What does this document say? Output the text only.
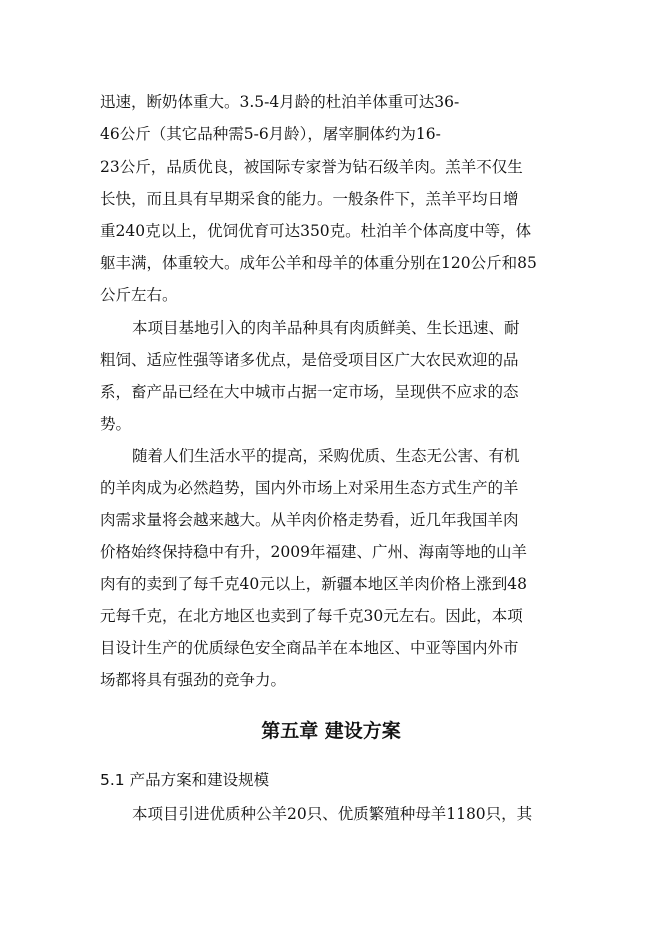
迅速，断奶体重大。3.5-4月龄的杜泊羊体重可达36-
46公斤（其它品种需5-6月龄），屠宰胴体约为16-
23公斤，品质优良，被国际专家誉为钻石级羊肉。羔羊不仅生
长快，而且具有早期采食的能力。一般条件下，羔羊平均日增
重240克以上，优饲优育可达350克。杜泊羊个体高度中等，体
躯丰满，体重较大。成年公羊和母羊的体重分别在120公斤和85
公斤左右。
本项目基地引入的肉羊品种具有肉质鲜美、生长迅速、耐
粗饲、适应性强等诸多优点，是倍受项目区广大农民欢迎的品
系，畜产品已经在大中城市占据一定市场，呈现供不应求的态
势。
随着人们生活水平的提高，采购优质、生态无公害、有机
的羊肉成为必然趋势，国内外市场上对采用生态方式生产的羊
肉需求量将会越来越大。从羊肉价格走势看，近几年我国羊肉
价格始终保持稳中有升，2009年福建、广州、海南等地的山羊
肉有的卖到了每千克40元以上，新疆本地区羊肉价格上涨到48
元每千克，在北方地区也卖到了每千克30元左右。因此，本项
目设计生产的优质绿色安全商品羊在本地区、中亚等国内外市
场都将具有强劲的竞争力。
第五章 建设方案
5.1 产品方案和建设规模
本项目引进优质种公羊20只、优质繁殖种母羊1180只，其
